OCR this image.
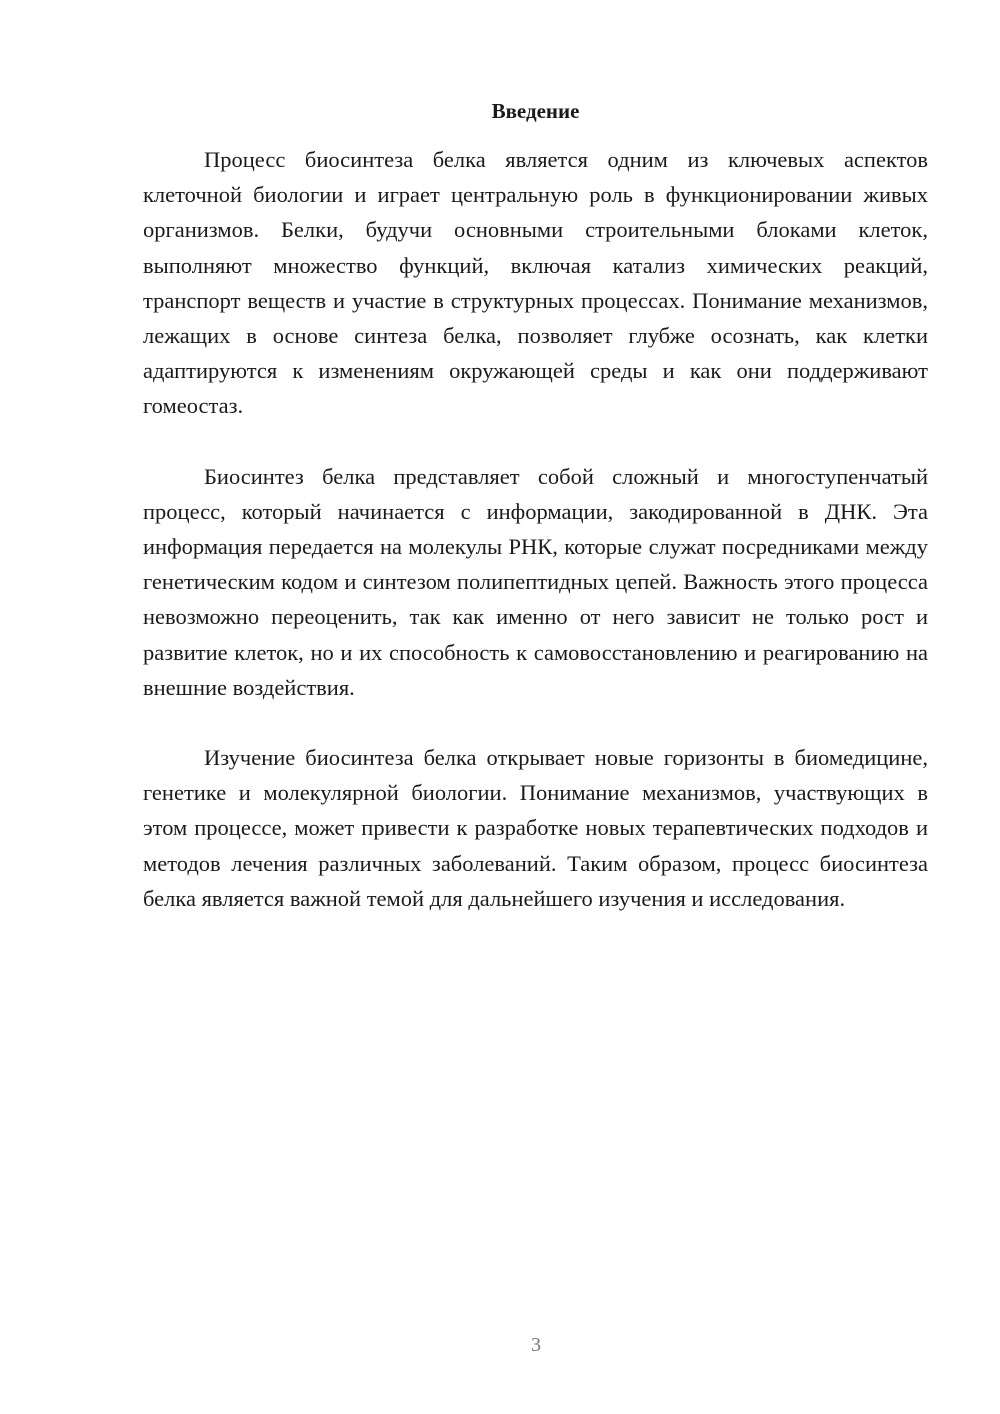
Введение

Процесс биосинтеза белка является одним из ключевых аспектов клеточной биологии и играет центральную роль в функционировании живых организмов. Белки, будучи основными строительными блоками клеток, выполняют множество функций, включая катализ химических реакций, транспорт веществ и участие в структурных процессах. Понимание механизмов, лежащих в основе синтеза белка, позволяет глубже осознать, как клетки адаптируются к изменениям окружающей среды и как они поддерживают гомеостаз.

Биосинтез белка представляет собой сложный и многоступенчатый процесс, который начинается с информации, закодированной в ДНК. Эта информация передается на молекулы РНК, которые служат посредниками между генетическим кодом и синтезом полипептидных цепей. Важность этого процесса невозможно переоценить, так как именно от него зависит не только рост и развитие клеток, но и их способность к самовосстановлению и реагированию на внешние воздействия.

Изучение биосинтеза белка открывает новые горизонты в биомедицине, генетике и молекулярной биологии. Понимание механизмов, участвующих в этом процессе, может привести к разработке новых терапевтических подходов и методов лечения различных заболеваний. Таким образом, процесс биосинтеза белка является важной темой для дальнейшего изучения и исследования.

3
